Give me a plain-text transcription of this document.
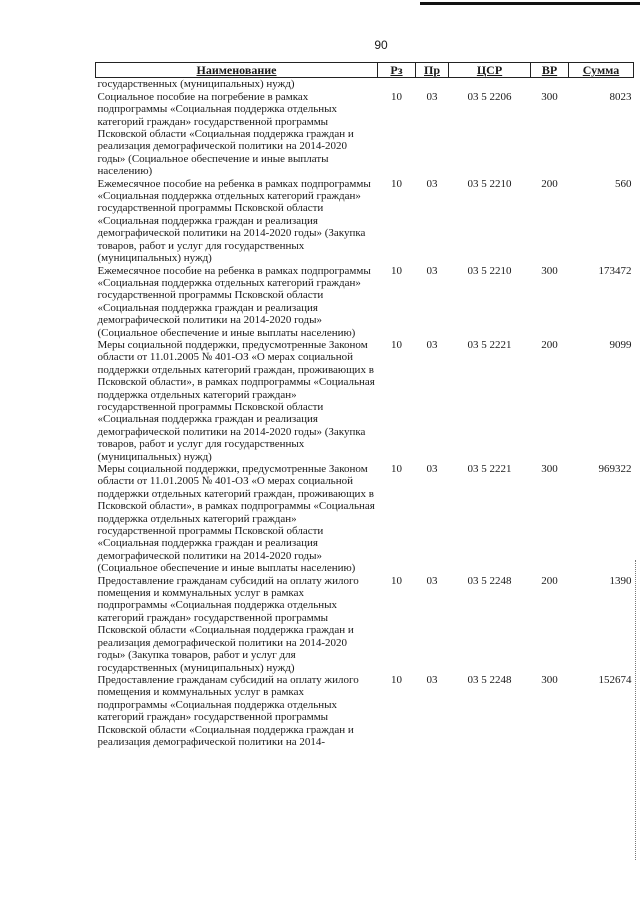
90
Наименование	Рз	Пр	ЦСР	ВР	Сумма
государственных (муниципальных) нужд)					
Социальное пособие на погребение в рамках подпрограммы «Социальная поддержка отдельных категорий граждан» государственной программы Псковской области «Социальная поддержка граждан и реализация демографической политики на 2014-2020 годы» (Социальное обеспечение и иные выплаты населению)	10	03	03 5 2206	300	8023
Ежемесячное пособие на ребенка в рамках подпрограммы «Социальная поддержка отдельных категорий граждан» государственной программы Псковской области «Социальная поддержка граждан и реализация демографической политики на 2014-2020 годы» (Закупка товаров, работ и услуг для государственных (муниципальных) нужд)	10	03	03 5 2210	200	560
Ежемесячное пособие на ребенка в рамках подпрограммы «Социальная поддержка отдельных категорий граждан» государственной программы Псковской области «Социальная поддержка граждан и реализация демографической политики на 2014-2020 годы» (Социальное обеспечение и иные выплаты населению)	10	03	03 5 2210	300	173472
Меры социальной поддержки, предусмотренные Законом области от 11.01.2005 № 401-ОЗ «О мерах социальной поддержки отдельных категорий граждан, проживающих в Псковской области», в рамках подпрограммы «Социальная поддержка отдельных категорий граждан» государственной программы Псковской области «Социальная поддержка граждан и реализация демографической политики на 2014-2020 годы» (Закупка товаров, работ и услуг для государственных (муниципальных) нужд)	10	03	03 5 2221	200	9099
Меры социальной поддержки, предусмотренные Законом области от 11.01.2005 № 401-ОЗ «О мерах социальной поддержки отдельных категорий граждан, проживающих в Псковской области», в рамках подпрограммы «Социальная поддержка отдельных категорий граждан» государственной программы Псковской области «Социальная поддержка граждан и реализация демографической политики на 2014-2020 годы» (Социальное обеспечение и иные выплаты населению)	10	03	03 5 2221	300	969322
Предоставление гражданам субсидий на оплату жилого помещения и коммунальных услуг в рамках подпрограммы «Социальная поддержка отдельных категорий граждан» государственной программы Псковской области «Социальная поддержка граждан и реализация демографической политики на 2014-2020 годы» (Закупка товаров, работ и услуг для государственных (муниципальных) нужд)	10	03	03 5 2248	200	1390
Предоставление гражданам субсидий на оплату жилого помещения и коммунальных услуг в рамках подпрограммы «Социальная поддержка отдельных категорий граждан» государственной программы Псковской области «Социальная поддержка граждан и реализация демографической политики на 2014-	10	03	03 5 2248	300	152674
